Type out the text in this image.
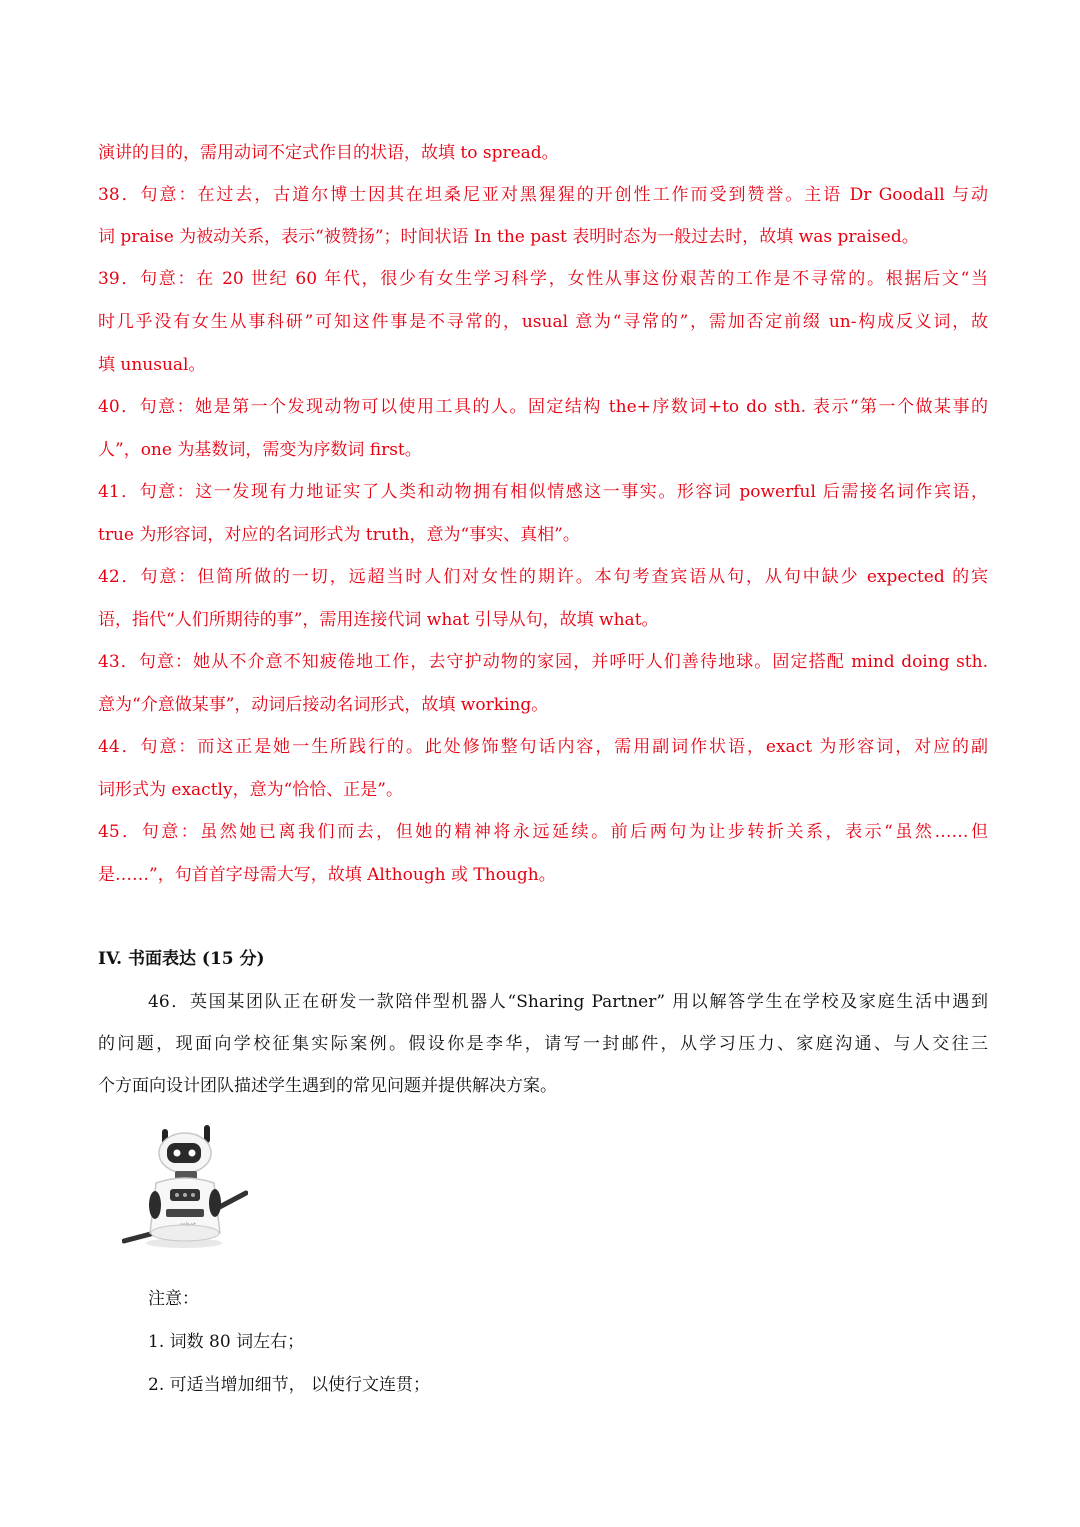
演讲的目的，需用动词不定式作目的状语，故填 to spread。
38．句意：在过去，古道尔博士因其在坦桑尼亚对黑猩猩的开创性工作而受到赞誉。主语 Dr Goodall 与动
词 praise 为被动关系，表示“被赞扬”；时间状语 In the past 表明时态为一般过去时，故填 was praised。
39．句意：在 20 世纪 60 年代，很少有女生学习科学，女性从事这份艰苦的工作是不寻常的。根据后文“当
时几乎没有女生从事科研”可知这件事是不寻常的，usual 意为“寻常的”，需加否定前缀 un-构成反义词，故
填 unusual。
40．句意：她是第一个发现动物可以使用工具的人。固定结构 the+序数词+to do sth. 表示“第一个做某事的
人”，one 为基数词，需变为序数词 first。
41．句意：这一发现有力地证实了人类和动物拥有相似情感这一事实。形容词 powerful 后需接名词作宾语，
true 为形容词，对应的名词形式为 truth，意为“事实、真相”。
42．句意：但简所做的一切，远超当时人们对女性的期许。本句考查宾语从句，从句中缺少 expected 的宾
语，指代“人们所期待的事”，需用连接代词 what 引导从句，故填 what。
43．句意：她从不介意不知疲倦地工作，去守护动物的家园，并呼吁人们善待地球。固定搭配 mind doing sth.
意为“介意做某事”，动词后接动名词形式，故填 working。
44．句意：而这正是她一生所践行的。此处修饰整句话内容，需用副词作状语，exact 为形容词，对应的副
词形式为 exactly，意为“恰恰、正是”。
45．句意：虽然她已离我们而去，但她的精神将永远延续。前后两句为让步转折关系，表示“虽然……但
是……”，句首首字母需大写，故填 Although 或 Though。
IV. 书面表达 (15 分)
46．英国某团队正在研发一款陪伴型机器人“Sharing Partner” 用以解答学生在学校及家庭生活中遇到
的问题，现面向学校征集实际案例。假设你是李华，请写一封邮件，从学习压力、家庭沟通、与人交往三
个方面向设计团队描述学生遇到的常见问题并提供解决方案。
注意：
1. 词数 80 词左右；
2. 可适当增加细节， 以使行文连贯；
